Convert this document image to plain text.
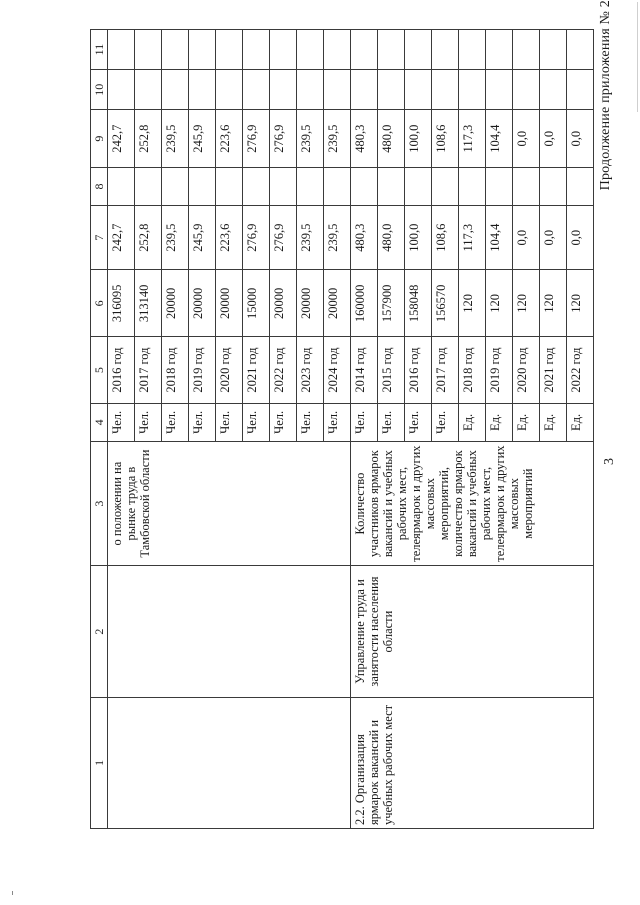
3
Продолжение приложения № 2
1	2	3	4	5	6	7	8	9	10	11
		о положении на рынке труда в Тамбовской области	Чел.	2016 год	316095	242,7		242,7		
			Чел.	2017 год	313140	252,8		252,8		
			Чел.	2018 год	20000	239,5		239,5		
			Чел.	2019 год	20000	245,9		245,9		
			Чел.	2020 год	20000	223,6		223,6		
			Чел.	2021 год	15000	276,9		276,9		
			Чел.	2022 год	20000	276,9		276,9		
			Чел.	2023 год	20000	239,5		239,5		
			Чел.	2024 год	20000	239,5		239,5		
2.2. Организация ярмарок вакансий и учебных рабочих мест	Управление труда и занятости населения области	Количество участников ярмарок вакансий и учебных рабочих мест, телеярмарок и других массовых мероприятий, количество ярмарок вакансий и учебных рабочих мест, телеярмарок и других массовых мероприятий	Чел.	2014 год	160000	480,3		480,3		
			Чел.	2015 год	157900	480,0		480,0		
			Чел.	2016 год	158048	100,0		100,0		
			Чел.	2017 год	156570	108,6		108,6		
			Ед.	2018 год	120	117,3		117,3		
			Ед.	2019 год	120	104,4		104,4		
			Ед.	2020 год	120	0,0		0,0		
			Ед.	2021 год	120	0,0		0,0		
			Ед.	2022 год	120	0,0		0,0		
